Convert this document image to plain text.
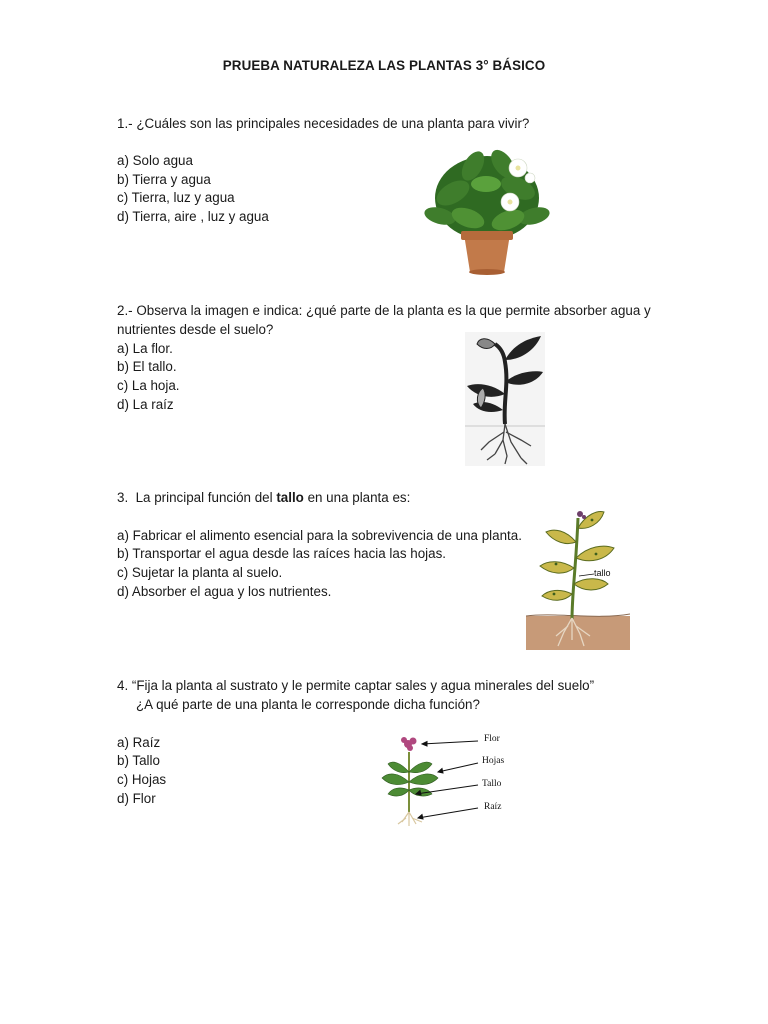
PRUEBA NATURALEZA LAS PLANTAS 3° BÁSICO
1.- ¿Cuáles son las principales necesidades de una planta para vivir?
a) Solo agua
b) Tierra y agua
c) Tierra, luz y agua
d) Tierra, aire , luz y agua
2.- Observa la imagen e indica: ¿qué parte de la planta es la que permite absorber agua y
nutrientes desde el suelo?
a) La flor.
b) El tallo.
c) La hoja.
d) La raíz
3.  La principal función del tallo en una planta es:
a) Fabricar el alimento esencial para la sobrevivencia de una planta.
b) Transportar el agua desde las raíces hacia las hojas.
c) Sujetar la planta al suelo.
d) Absorber el agua y los nutrientes.
tallo
4. “Fija la planta al sustrato y le permite captar sales y agua minerales del suelo”
¿A qué parte de una planta le corresponde dicha función?
a) Raíz
b) Tallo
c) Hojas
d) Flor
Flor
Hojas
Tallo
Raíz
